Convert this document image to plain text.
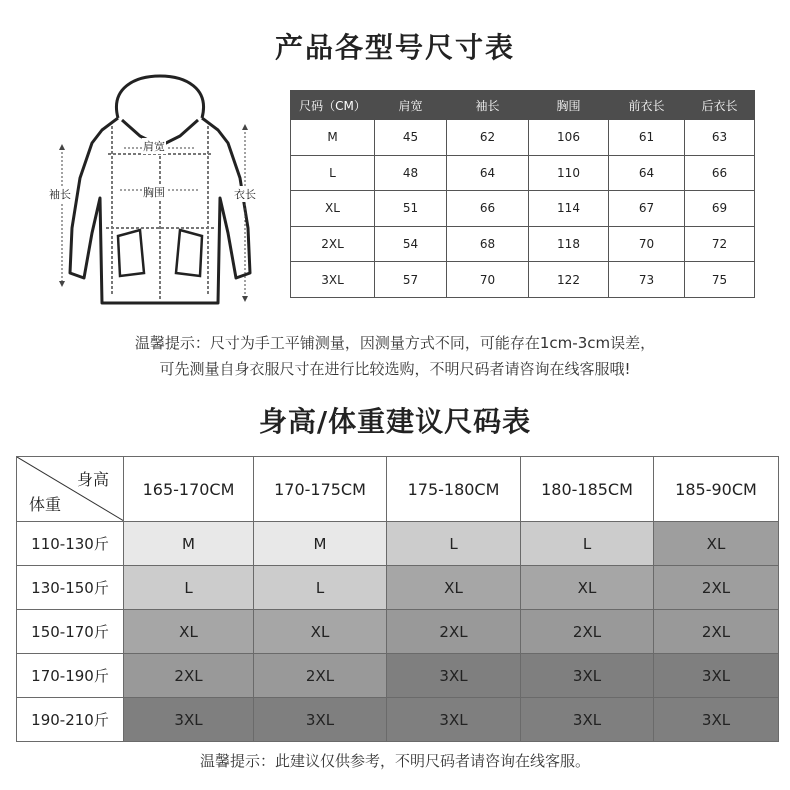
产品各型号尺寸表
肩宽
胸围
袖长	衣长
尺码（CM）	肩宽	袖长	胸围	前衣长	后衣长
M	45	62	106	61	63
L	48	64	110	64	66
XL	51	66	114	67	69
2XL	54	68	118	70	72
3XL	57	70	122	73	75
温馨提示：尺寸为手工平铺测量，因测量方式不同，可能存在1cm-3cm误差，
可先测量自身衣服尺寸在进行比较选购，不明尺码者请咨询在线客服哦!
身高/体重建议尺码表
身高
体重	165-170CM	170-175CM	175-180CM	180-185CM	185-90CM
110-130斤	M	M	L	L	XL
130-150斤	L	L	XL	XL	2XL
150-170斤	XL	XL	2XL	2XL	2XL
170-190斤	2XL	2XL	3XL	3XL	3XL
190-210斤	3XL	3XL	3XL	3XL	3XL
温馨提示：此建议仅供参考，不明尺码者请咨询在线客服。
